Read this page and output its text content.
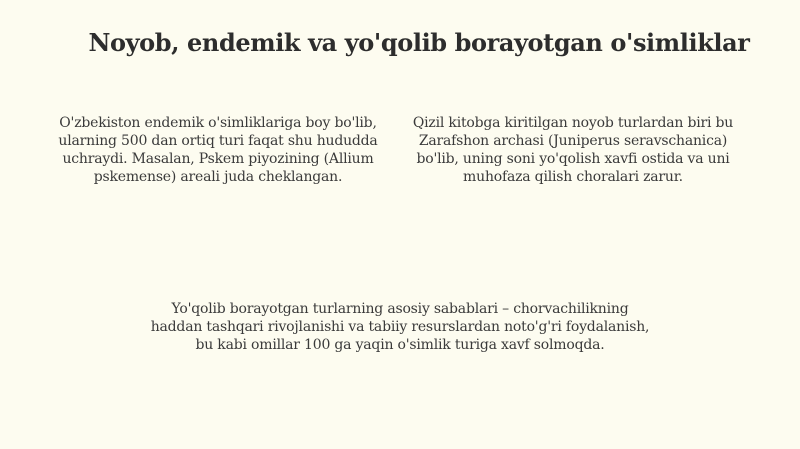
Noyob, endemik va yo'qolib borayotgan o'simliklar
O'zbekiston endemik o'simliklariga boy bo'lib, ularning 500 dan ortiq turi faqat shu hududda uchraydi. Masalan, Pskem piyozining (Allium pskemense) areali juda cheklangan.
Qizil kitobga kiritilgan noyob turlardan biri bu Zarafshon archasi (Juniperus seravschanica) bo'lib, uning soni yo'qolish xavfi ostida va uni muhofaza qilish choralari zarur.
Yo'qolib borayotgan turlarning asosiy sabablari – chorvachilikning haddan tashqari rivojlanishi va tabiiy resurslardan noto'g'ri foydalanish, bu kabi omillar 100 ga yaqin o'simlik turiga xavf solmoqda.
